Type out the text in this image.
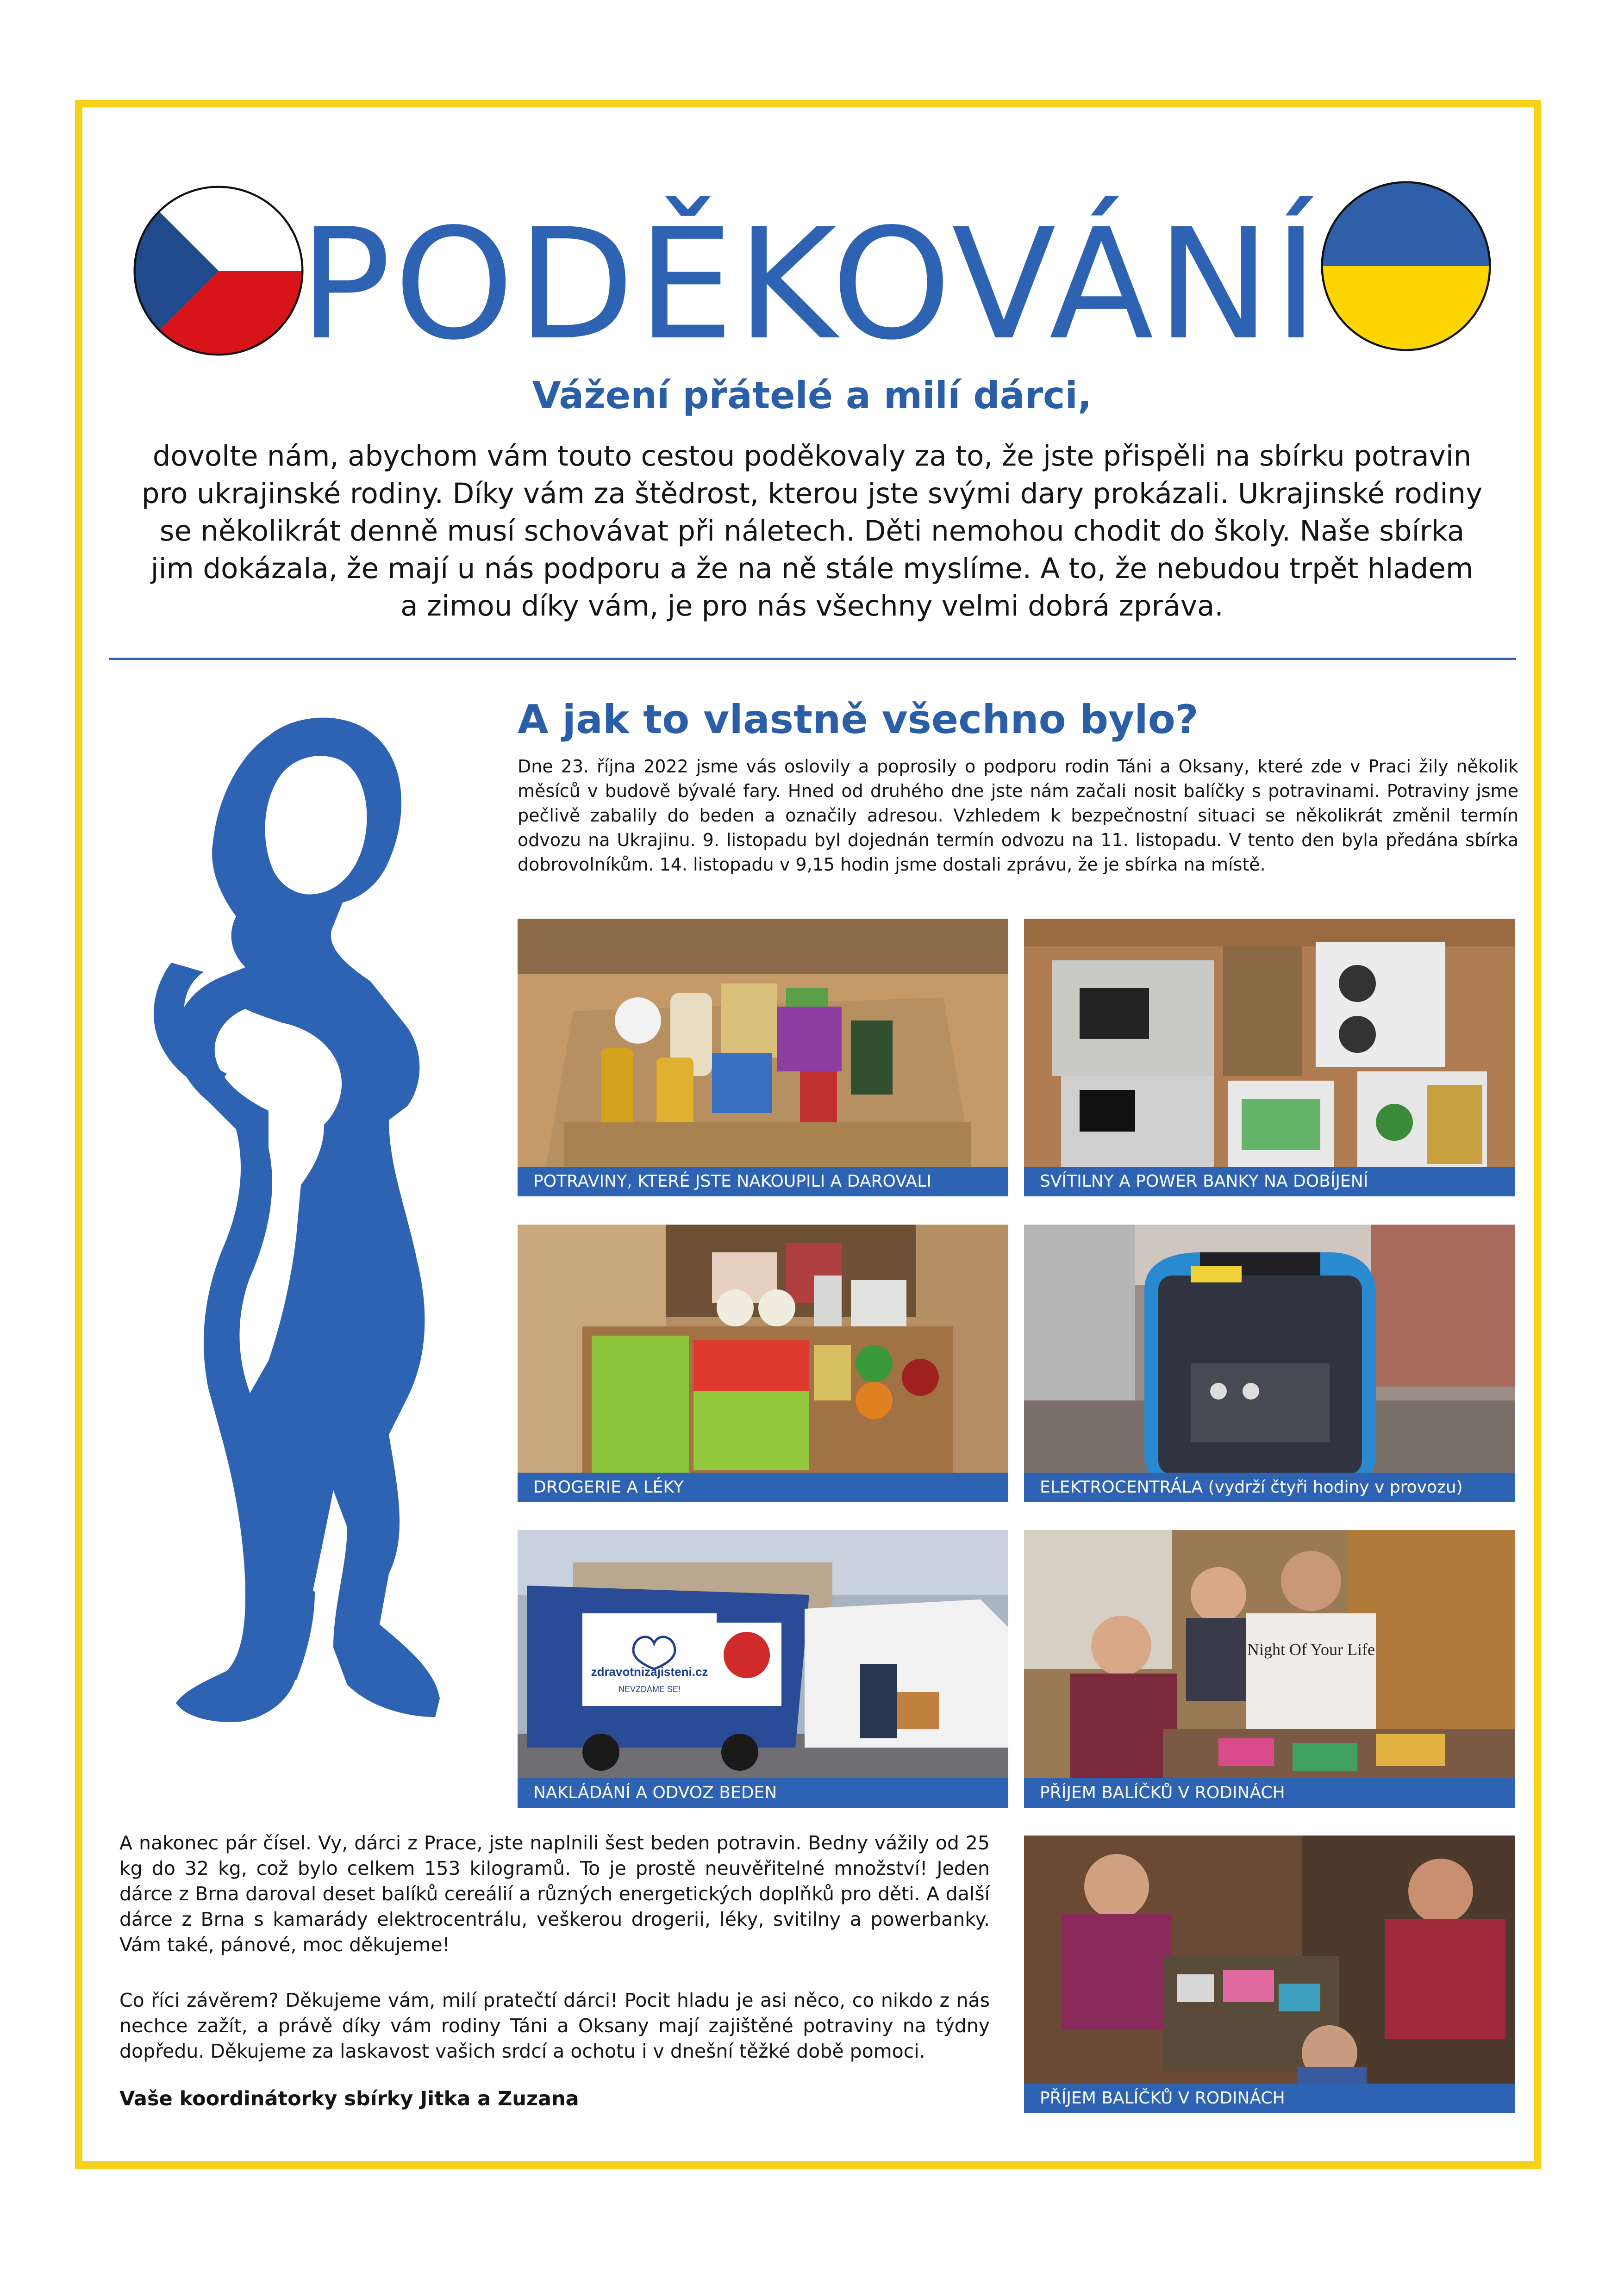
PODĚKOVÁNÍ

Vážení přátelé a milí dárci,

dovolte nám, abychom vám touto cestou poděkovaly za to, že jste přispěli na sbírku potravin pro ukrajinské rodiny. Díky vám za štědrost, kterou jste svými dary prokázali. Ukrajinské rodiny se několikrát denně musí schovávat při náletech. Děti nemohou chodit do školy. Naše sbírka jim dokázala, že mají u nás podporu a že na ně stále myslíme. A to, že nebudou trpět hladem a zimou díky vám, je pro nás všechny velmi dobrá zpráva.

A jak to vlastně všechno bylo?

Dne 23. října 2022 jsme vás oslovily a poprosily o podporu rodin Táni a Oksany, které zde v Praci žily několik měsíců v budově bývalé fary. Hned od druhého dne jste nám začali nosit balíčky s potravinami. Potraviny jsme pečlivě zabalily do beden a označily adresou. Vzhledem k bezpečnostní situaci se několikrát změnil termín odvozu na Ukrajinu. 9. listopadu byl dojednán termín odvozu na 11. listopadu. V tento den byla předána sbírka dobrovolníkům. 14. listopadu v 9,15 hodin jsme dostali zprávu, že je sbírka na místě.

POTRAVINY, KTERÉ JSTE NAKOUPILI A DAROVALI	SVÍTILNY A POWER BANKY NA DOBÍJENÍ
DROGERIE A LÉKY	ELEKTROCENTRÁLA (vydrží čtyři hodiny v provozu)
zdravotnizajisteni.cz
NEVZDÁME SE!
NAKLÁDÁNÍ A ODVOZ BEDEN
Night Of Your Life
PŘÍJEM BALÍČKŮ V RODINÁCH
PŘÍJEM BALÍČKŮ V RODINÁCH

A nakonec pár čísel. Vy, dárci z Prace, jste naplnili šest beden potravin. Bedny vážily od 25 kg do 32 kg, což bylo celkem 153 kilogramů. To je prostě neuvěřitelné množství! Jeden dárce z Brna daroval deset balíků cereálií a různých energetických doplňků pro děti. A další dárce z Brna s kamarády elektrocentrálu, veškerou drogerii, léky, svitilny a powerbanky. Vám také, pánové, moc děkujeme!

Co říci závěrem? Děkujeme vám, milí pratečtí dárci! Pocit hladu je asi něco, co nikdo z nás nechce zažít, a právě díky vám rodiny Táni a Oksany mají zajištěné potraviny na týdny dopředu. Děkujeme za laskavost vašich srdcí a ochotu i v dnešní těžké době pomoci.

Vaše koordinátorky sbírky Jitka a Zuzana
